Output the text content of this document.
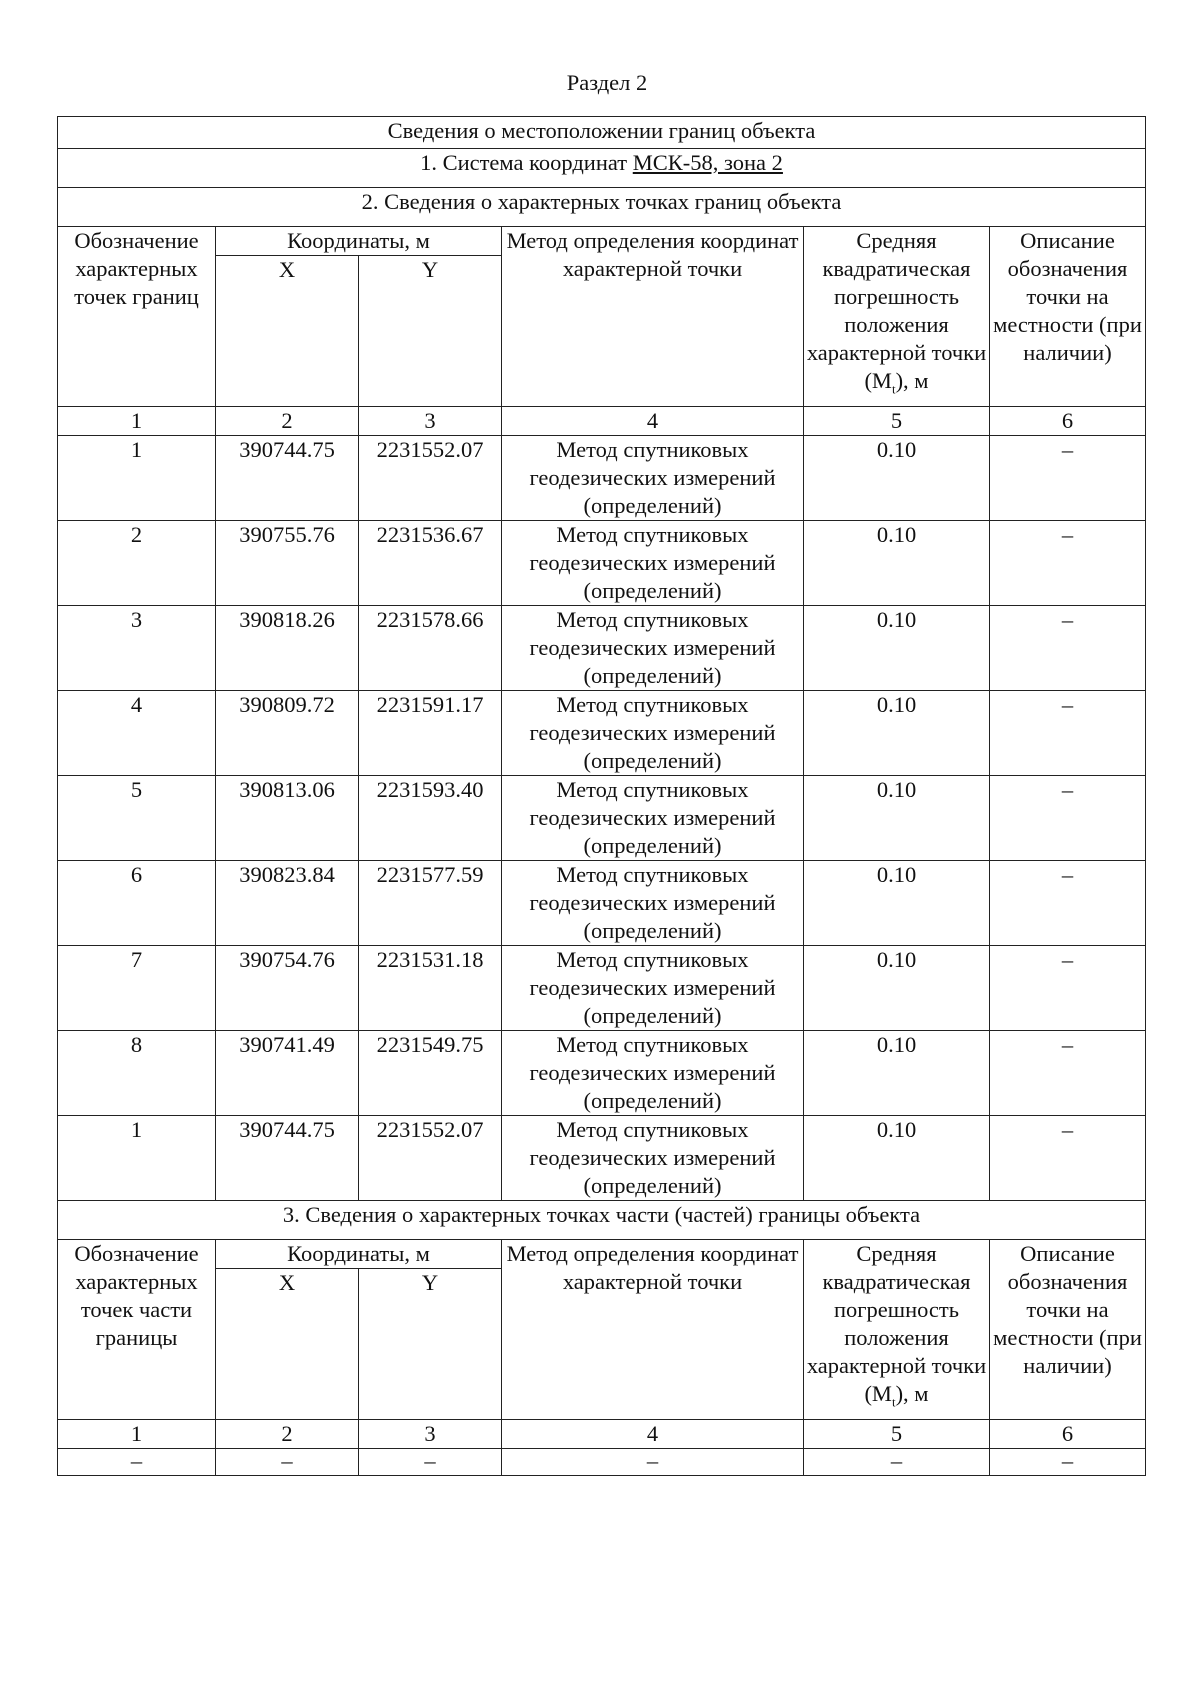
Раздел 2
Сведения о местоположении границ объекта					
1. Система координат МСК-58, зона 2					
2. Сведения о характерных точках границ объекта					
Обозначение характерных точек границ	Координаты, м		Метод определения координат характерной точки	Средняя квадратическая погрешность положения характерной точки $(M_t)$, м	Описание обозначения точки на местности (при наличии)
	X	Y			
1	2	3	4	5	6
1	390744.75	2231552.07	Метод спутниковых геодезических измерений (определений)	0.10	–
2	390755.76	2231536.67	Метод спутниковых геодезических измерений (определений)	0.10	–
3	390818.26	2231578.66	Метод спутниковых геодезических измерений (определений)	0.10	–
4	390809.72	2231591.17	Метод спутниковых геодезических измерений (определений)	0.10	–
5	390813.06	2231593.40	Метод спутниковых геодезических измерений (определений)	0.10	–
6	390823.84	2231577.59	Метод спутниковых геодезических измерений (определений)	0.10	–
7	390754.76	2231531.18	Метод спутниковых геодезических измерений (определений)	0.10	–
8	390741.49	2231549.75	Метод спутниковых геодезических измерений (определений)	0.10	–
1	390744.75	2231552.07	Метод спутниковых геодезических измерений (определений)	0.10	–
3. Сведения о характерных точках части (частей) границы объекта					
Обозначение характерных точек части границы	Координаты, м		Метод определения координат характерной точки	Средняя квадратическая погрешность положения характерной точки $(M_t)$, м	Описание обозначения точки на местности (при наличии)
	X	Y			
1	2	3	4	5	6
–	–	–	–	–	–
